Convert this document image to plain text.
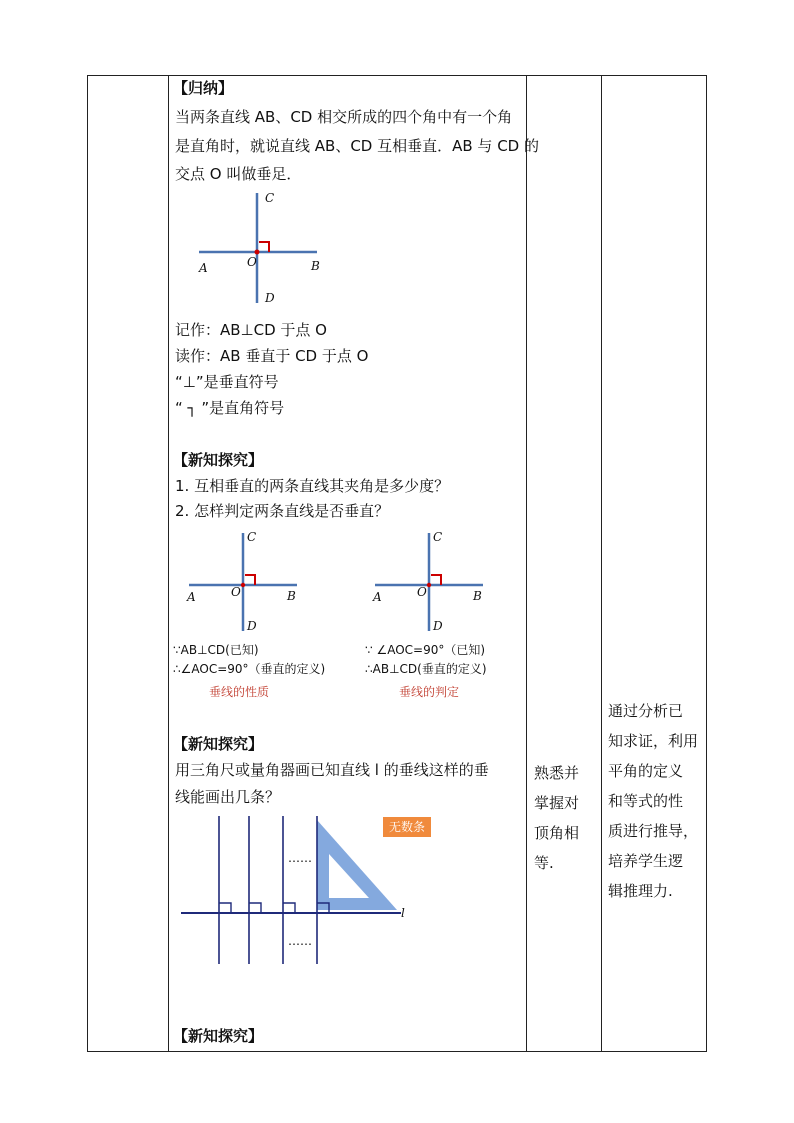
【归纳】
当两条直线 AB、CD 相交所成的四个角中有一个角
是直角时，就说直线 AB、CD 互相垂直．AB 与 CD 的
交点 O 叫做垂足．
C
A	O	B
D
记作：AB⊥CD 于点 O
读作：AB 垂直于 CD 于点 O
“⊥”是垂直符号
“ ┐ ”是直角符号
【新知探究】
1. 互相垂直的两条直线其夹角是多少度？
2. 怎样判定两条直线是否垂直？
C
A	O	B
D
C
A	O	B
D
∵AB⊥CD(已知)
∴∠AOC=90°（垂直的定义)
垂线的性质
∵ ∠AOC=90°（已知)
∴AB⊥CD(垂直的定义)
垂线的判定
【新知探究】
用三角尺或量角器画已知直线 l 的垂线这样的垂
线能画出几条？
……
……
l
无数条
【新知探究】
熟悉并
掌握对
顶角相
等.
通过分析已
知求证，利用
平角的定义
和等式的性
质进行推导，
培养学生逻
辑推理力.
